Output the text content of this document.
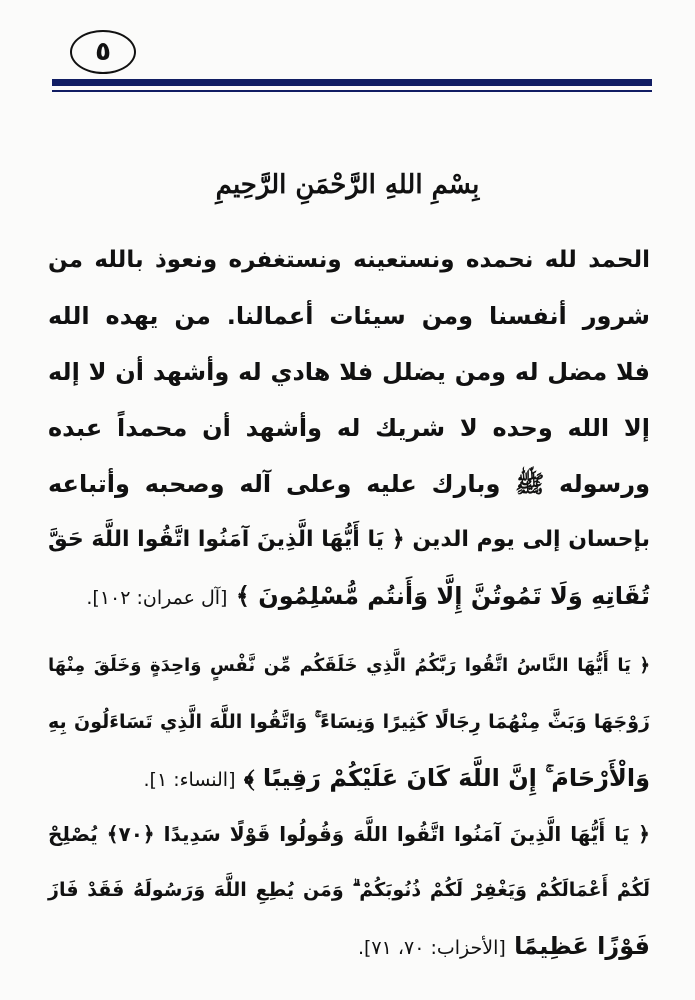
٥
بِسْمِ اللهِ الرَّحْمَنِ الرَّحِيمِ
الحمد لله نحمده ونستعينه ونستغفره ونعوذ بالله من
شرور أنفسنا ومن سيئات أعمالنا. من يهده الله
فلا مضل له ومن يضلل فلا هادي له وأشهد أن لا إله
إلا الله وحده لا شريك له وأشهد أن محمداً عبده
ورسوله ﷺ وبارك عليه وعلى آله وصحبه وأتباعه
بإحسان إلى يوم الدين ﴿ يَا أَيُّهَا الَّذِينَ آمَنُوا اتَّقُوا اللَّهَ حَقَّ
تُقَاتِهِ وَلَا تَمُوتُنَّ إِلَّا وَأَنتُم مُّسْلِمُونَ ﴾ [آل عمران: ١٠٢].
﴿ يَا أَيُّهَا النَّاسُ اتَّقُوا رَبَّكُمُ الَّذِي خَلَقَكُم مِّن نَّفْسٍ وَاحِدَةٍ وَخَلَقَ مِنْهَا
زَوْجَهَا وَبَثَّ مِنْهُمَا رِجَالًا كَثِيرًا وَنِسَاءً ۚ وَاتَّقُوا اللَّهَ الَّذِي تَسَاءَلُونَ بِهِ
وَالْأَرْحَامَ ۚ إِنَّ اللَّهَ كَانَ عَلَيْكُمْ رَقِيبًا ﴾ [النساء: ١].
﴿ يَا أَيُّهَا الَّذِينَ آمَنُوا اتَّقُوا اللَّهَ وَقُولُوا قَوْلًا سَدِيدًا ﴿٧٠﴾ يُصْلِحْ
لَكُمْ أَعْمَالَكُمْ وَيَغْفِرْ لَكُمْ ذُنُوبَكُمْ ۗ وَمَن يُطِعِ اللَّهَ وَرَسُولَهُ فَقَدْ فَازَ
فَوْزًا عَظِيمًا [الأحزاب: ٧٠، ٧١].
